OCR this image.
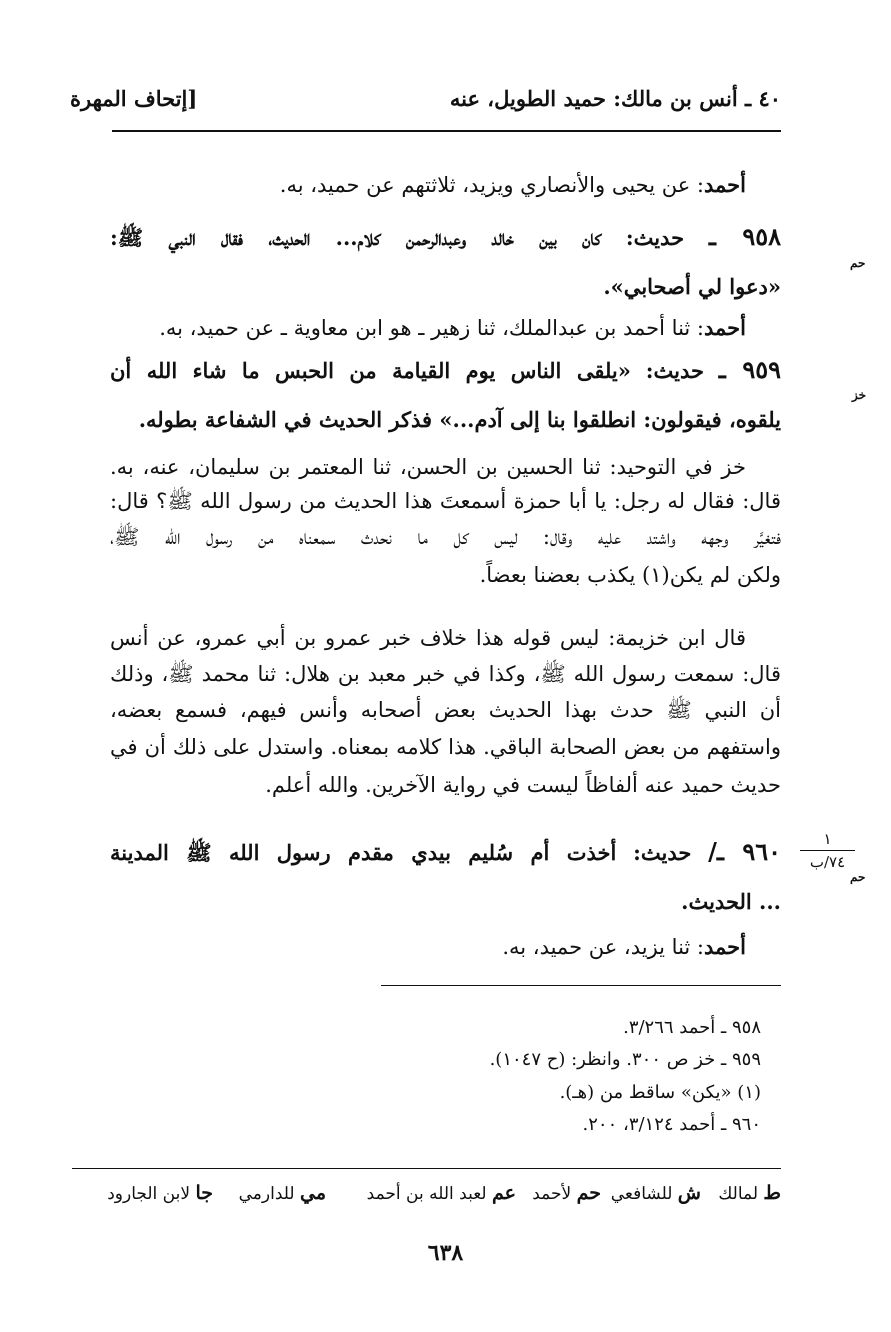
٤٠ ـ أنس بن مالك: حميد الطويل، عنه
[إتحاف المهرة
١
٧٤/ب
أحمد: عن يحيى والأنصاري ويزيد، ثلاثتهم عن حميد، به.
٩٥٨ ـ حديث: كان بين خالد وعبدالرحمن كلام... الحديث، فقال النبي ﷺ:
حم
«دعوا لي أصحابي».
أحمد: ثنا أحمد بن عبدالملك، ثنا زهير ـ هو ابن معاوية ـ عن حميد، به.
٩٥٩ ـ حديث: «يلقى الناس يوم القيامة من الحبس ما شاء الله أن
خز
يلقوه، فيقولون: انطلقوا بنا إلى آدم...» فذكر الحديث في الشفاعة بطوله.
خز في التوحيد: ثنا الحسين بن الحسن، ثنا المعتمر بن سليمان، عنه، به.
قال: فقال له رجل: يا أبا حمزة أسمعتَ هذا الحديث من رسول الله ﷺ؟ قال:
فتغيَّر وجهه واشتد عليه وقال: ليس كل ما نحدث سمعناه من رسول الله ﷺ،
ولكن لم يكن(١) يكذب بعضنا بعضاً.
قال ابن خزيمة: ليس قوله هذا خلاف خبر عمرو بن أبي عمرو، عن أنس
قال: سمعت رسول الله ﷺ، وكذا في خبر معبد بن هلال: ثنا محمد ﷺ، وذلك
أن النبي ﷺ حدث بهذا الحديث بعض أصحابه وأنس فيهم، فسمع بعضه،
واستفهم من بعض الصحابة الباقي. هذا كلامه بمعناه. واستدل على ذلك أن في
حديث حميد عنه ألفاظاً ليست في رواية الآخرين. والله أعلم.
٩٦٠ ـ/ حديث: أخذت أم سُليم بيدي مقدم رسول الله ﷺ المدينة
حم
... الحديث.
أحمد: ثنا يزيد، عن حميد، به.
٩٥٨ ـ أحمد ٣/٢٦٦.
٩٥٩ ـ خز ص ٣٠٠. وانظر: (ح ١٠٤٧).
(١) «يكن» ساقط من (هـ).
٩٦٠ ـ أحمد ٣/١٢٤، ٢٠٠.
ط لمالك
ش للشافعي
حم لأحمد
عم لعبد الله بن أحمد
مي للدارمي
جا لابن الجارود
٦٣٨
